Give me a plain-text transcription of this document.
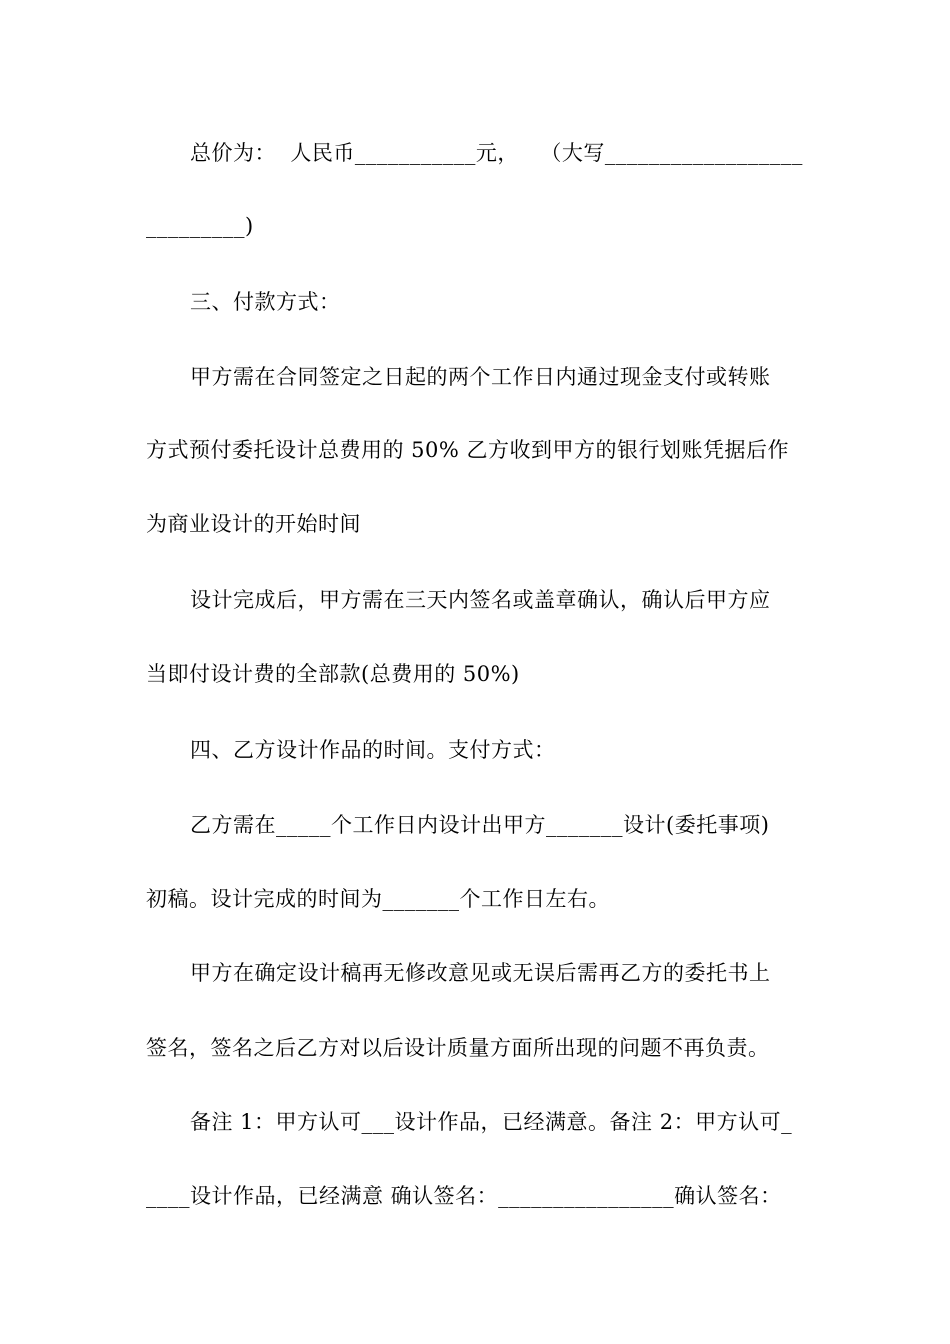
总价为：  人民币___________元，   （大写__________________
_________)
三、付款方式：
甲方需在合同签定之日起的两个工作日内通过现金支付或转账
方式预付委托设计总费用的 50% 乙方收到甲方的银行划账凭据后作
为商业设计的开始时间
设计完成后，甲方需在三天内签名或盖章确认，确认后甲方应
当即付设计费的全部款(总费用的 50%)
四、乙方设计作品的时间。支付方式：
乙方需在_____个工作日内设计出甲方_______设计(委托事项)
初稿。设计完成的时间为_______个工作日左右。
甲方在确定设计稿再无修改意见或无误后需再乙方的委托书上
签名，签名之后乙方对以后设计质量方面所出现的问题不再负责。
备注 1：甲方认可___设计作品，已经满意。备注 2：甲方认可_
____设计作品，已经满意 确认签名：________________确认签名：
